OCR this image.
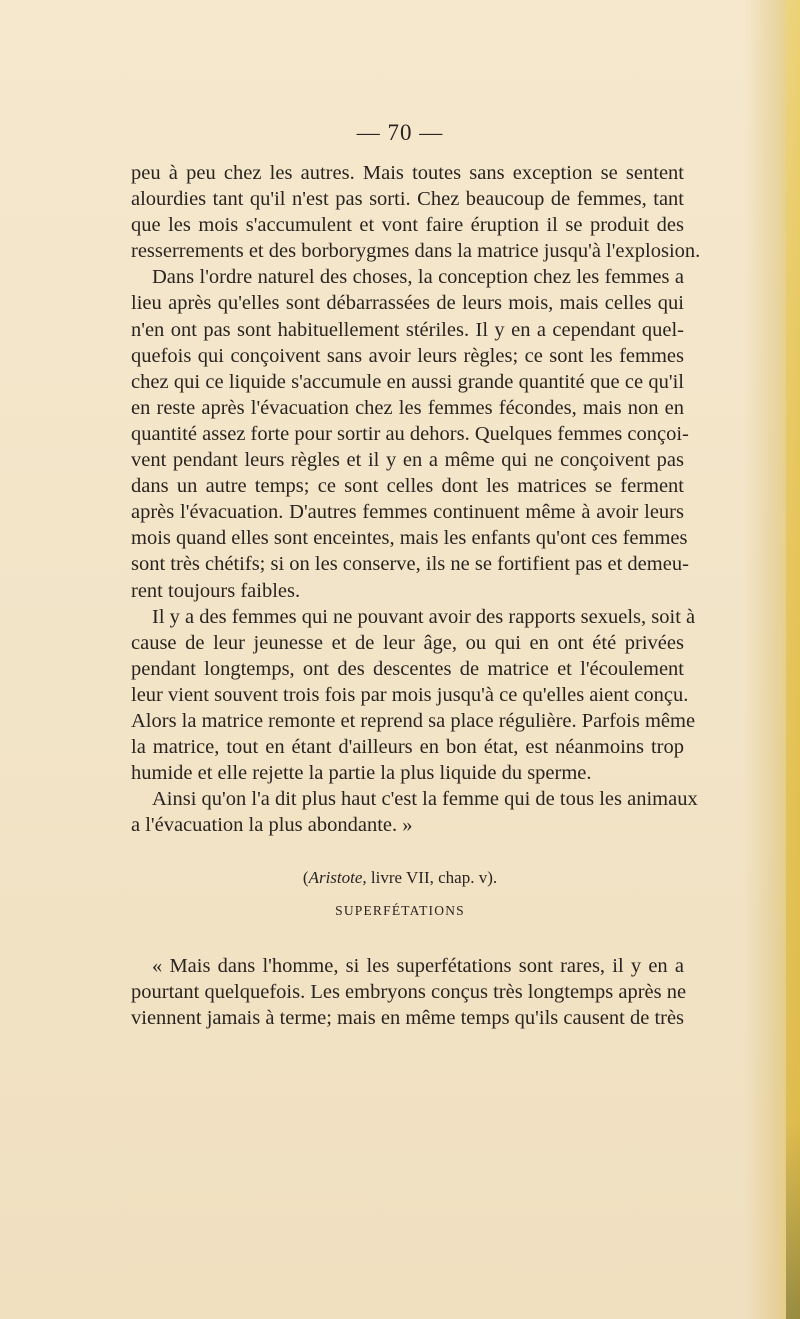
— 70 —

peu à peu chez les autres. Mais toutes sans exception se sentent
alourdies tant qu'il n'est pas sorti. Chez beaucoup de femmes, tant
que les mois s'accumulent et vont faire éruption il se produit des
resserrements et des borborygmes dans la matrice jusqu'à l'explosion.

Dans l'ordre naturel des choses, la conception chez les femmes a
lieu après qu'elles sont débarrassées de leurs mois, mais celles qui
n'en ont pas sont habituellement stériles. Il y en a cependant quel-
quefois qui conçoivent sans avoir leurs règles; ce sont les femmes
chez qui ce liquide s'accumule en aussi grande quantité que ce qu'il
en reste après l'évacuation chez les femmes fécondes, mais non en
quantité assez forte pour sortir au dehors. Quelques femmes conçoi-
vent pendant leurs règles et il y en a même qui ne conçoivent pas
dans un autre temps; ce sont celles dont les matrices se ferment
après l'évacuation. D'autres femmes continuent même à avoir leurs
mois quand elles sont enceintes, mais les enfants qu'ont ces femmes
sont très chétifs; si on les conserve, ils ne se fortifient pas et demeu-
rent toujours faibles.

Il y a des femmes qui ne pouvant avoir des rapports sexuels, soit à
cause de leur jeunesse et de leur âge, ou qui en ont été privées
pendant longtemps, ont des descentes de matrice et l'écoulement
leur vient souvent trois fois par mois jusqu'à ce qu'elles aient conçu.
Alors la matrice remonte et reprend sa place régulière. Parfois même
la matrice, tout en étant d'ailleurs en bon état, est néanmoins trop
humide et elle rejette la partie la plus liquide du sperme.

Ainsi qu'on l'a dit plus haut c'est la femme qui de tous les animaux
a l'évacuation la plus abondante. »

(Aristote, livre VII, chap. v).
SUPERFÉTATIONS

« Mais dans l'homme, si les superfétations sont rares, il y en a
pourtant quelquefois. Les embryons conçus très longtemps après ne
viennent jamais à terme; mais en même temps qu'ils causent de très
